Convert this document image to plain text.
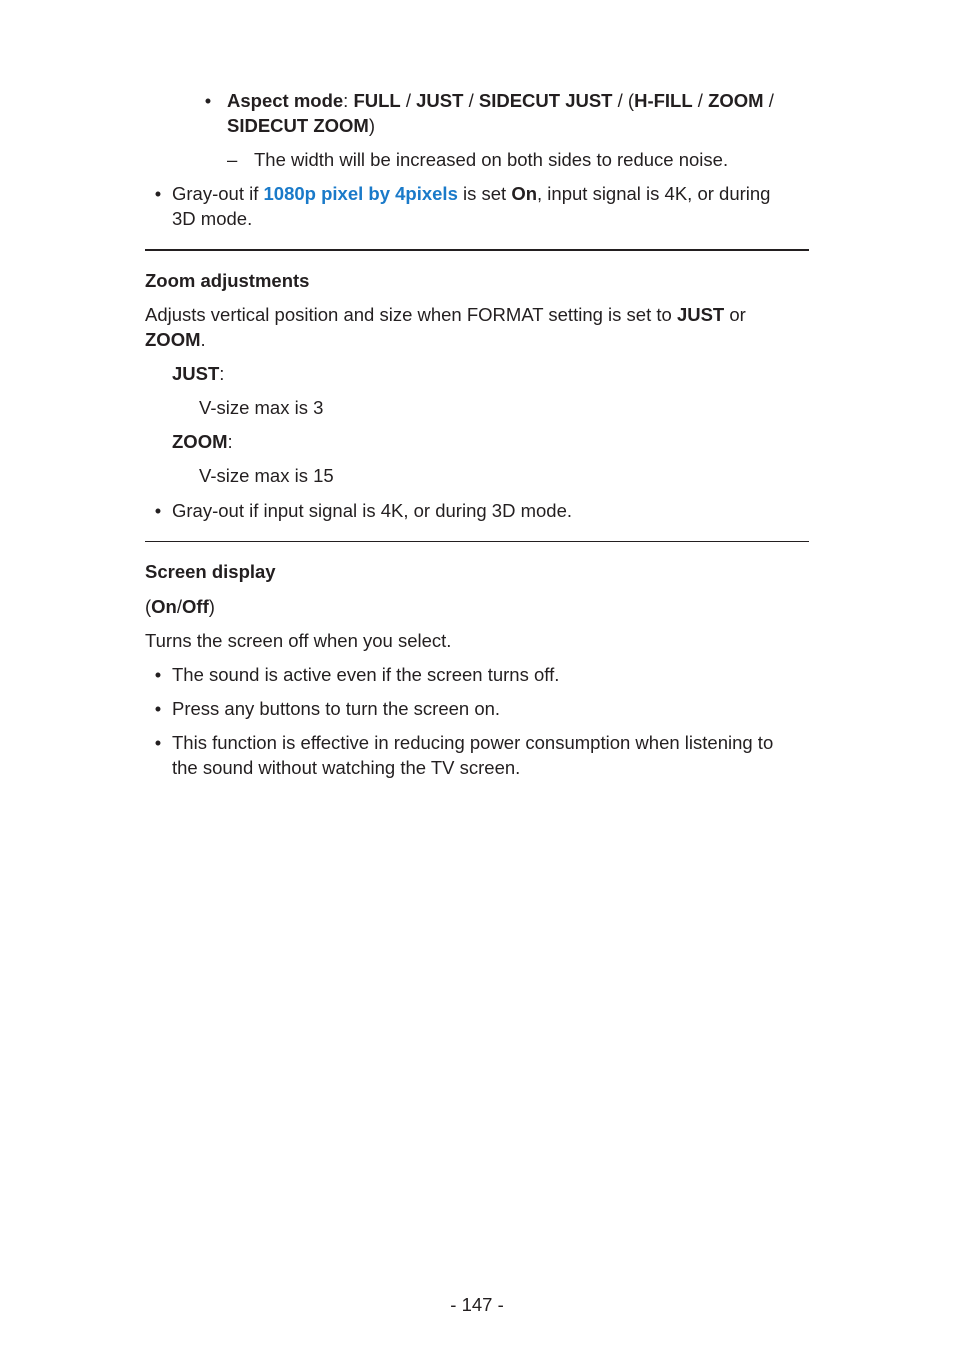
• Aspect mode: FULL / JUST / SIDECUT JUST / (H-FILL / ZOOM /
SIDECUT ZOOM)
– The width will be increased on both sides to reduce noise.
• Gray-out if 1080p pixel by 4pixels is set On, input signal is 4K, or during
3D mode.
Zoom adjustments
Adjusts vertical position and size when FORMAT setting is set to JUST or
ZOOM.
JUST:
V-size max is 3
ZOOM:
V-size max is 15
• Gray-out if input signal is 4K, or during 3D mode.
Screen display
(On/Off)
Turns the screen off when you select.
• The sound is active even if the screen turns off.
• Press any buttons to turn the screen on.
• This function is effective in reducing power consumption when listening to
the sound without watching the TV screen.
- 147 -
